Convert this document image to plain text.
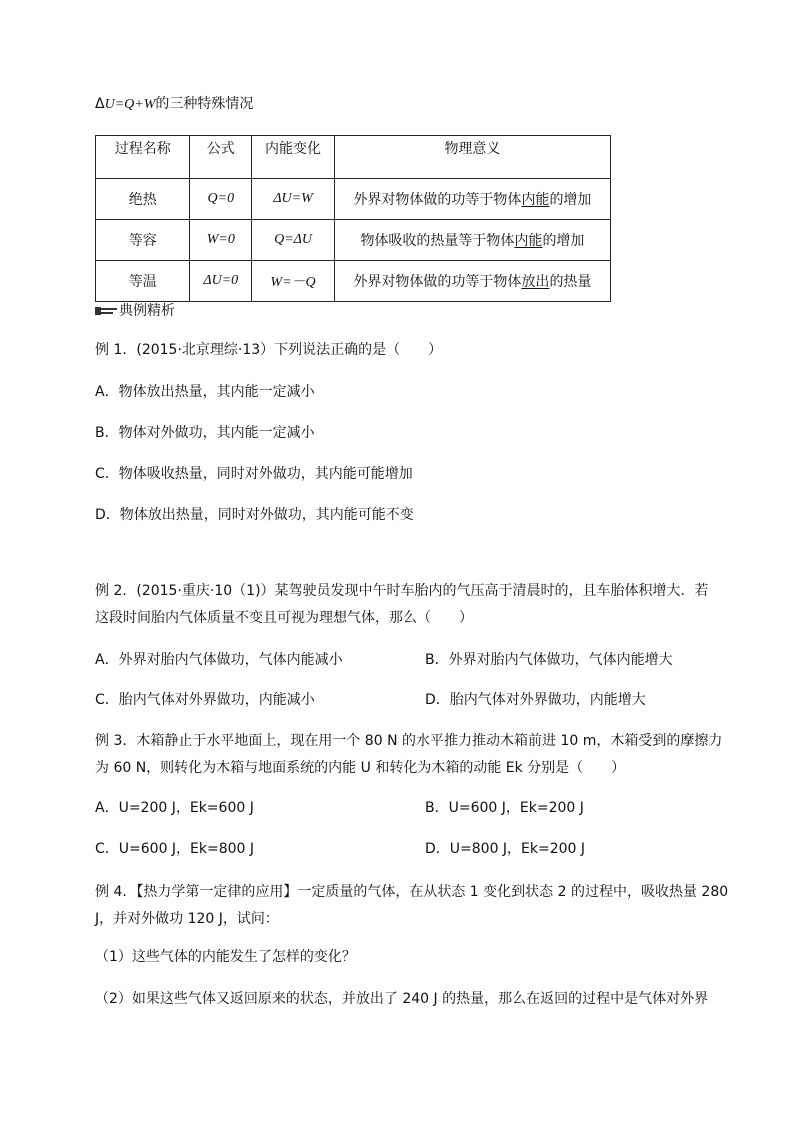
ΔU=Q+W的三种特殊情况
过程名称	公式	内能变化	物理意义
绝热	Q=0	ΔU=W	外界对物体做的功等于物体内能的增加
等容	W=0	Q=ΔU	物体吸收的热量等于物体内能的增加
等温	ΔU=0	W=－Q	外界对物体做的功等于物体放出的热量
典例精析
例 1．(2015·北京理综·13）下列说法正确的是（　　）
A．物体放出热量，其内能一定减小
B．物体对外做功，其内能一定减小
C．物体吸收热量，同时对外做功，其内能可能增加
D．物体放出热量，同时对外做功，其内能可能不变
例 2．(2015·重庆·10（1)）某驾驶员发现中午时车胎内的气压高于清晨时的，且车胎体积增大．若
这段时间胎内气体质量不变且可视为理想气体，那么（　　）
A．外界对胎内气体做功，气体内能减小	B．外界对胎内气体做功，气体内能增大
C．胎内气体对外界做功，内能减小	D．胎内气体对外界做功，内能增大
例 3．木箱静止于水平地面上，现在用一个 80 N 的水平推力推动木箱前进 10 m，木箱受到的摩擦力
为 60 N，则转化为木箱与地面系统的内能 U 和转化为木箱的动能 Ek 分别是（　　）
A．U=200 J，Ek=600 J	B．U=600 J，Ek=200 J
C．U=600 J，Ek=800 J	D．U=800 J，Ek=200 J
例 4．【热力学第一定律的应用】一定质量的气体，在从状态 1 变化到状态 2 的过程中，吸收热量 280
J，并对外做功 120 J，试问：
（1）这些气体的内能发生了怎样的变化？
（2）如果这些气体又返回原来的状态，并放出了 240 J 的热量，那么在返回的过程中是气体对外界
